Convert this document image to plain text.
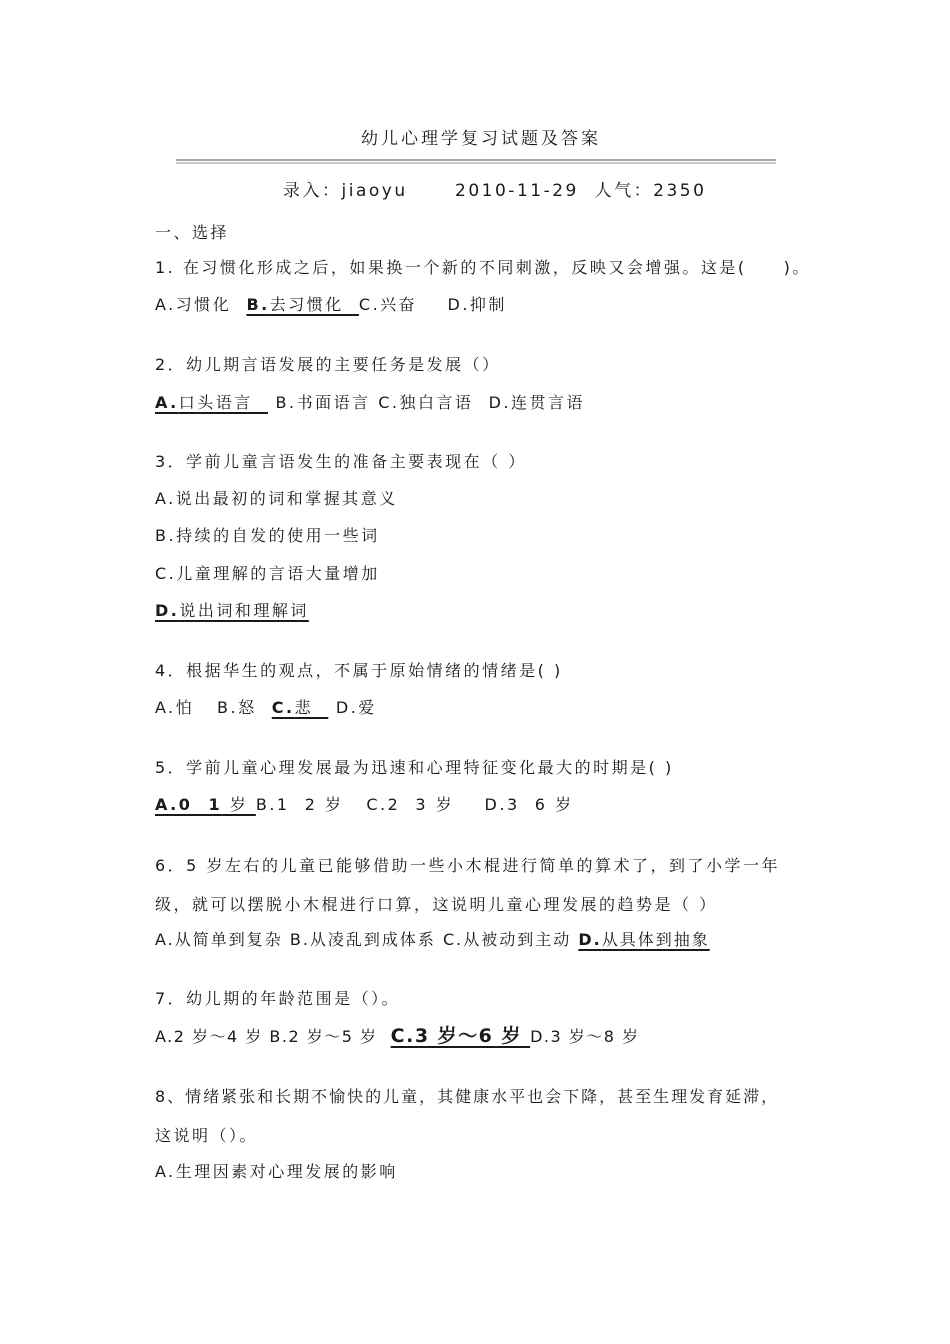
幼儿心理学复习试题及答案
录入：jiaoyu	2010-11-29 人气：2350
一、选择
1. 在习惯化形成之后，如果换一个新的不同刺激，反映又会增强。这是(　　)。
A.习惯化  B.去习惯化  C.兴奋    D.抑制
2．幼儿期言语发展的主要任务是发展（）
A.口头语言   B.书面语言 C.独白言语  D.连贯言语
3．学前儿童言语发生的准备主要表现在（ ）
A.说出最初的词和掌握其意义
B.持续的自发的使用一些词
C.儿童理解的言语大量增加
D.说出词和理解词
4．根据华生的观点，不属于原始情绪的情绪是( )
A.怕   B.怒  C.悲   D.爱
5．学前儿童心理发展最为迅速和心理特征变化最大的时期是( )
A.0  1 岁 B.1  2 岁   C.2  3 岁    D.3  6 岁
6．5 岁左右的儿童已能够借助一些小木棍进行简单的算术了，到了小学一年
级，就可以摆脱小木棍进行口算，这说明儿童心理发展的趋势是（ ）
A.从简单到复杂 B.从凌乱到成体系 C.从被动到主动 D.从具体到抽象
7．幼儿期的年龄范围是（）。
A.2 岁～4 岁 B.2 岁～5 岁  C.3 岁～6 岁 D.3 岁～8 岁
8、情绪紧张和长期不愉快的儿童，其健康水平也会下降，甚至生理发育延滞，
这说明（）。
A.生理因素对心理发展的影响
